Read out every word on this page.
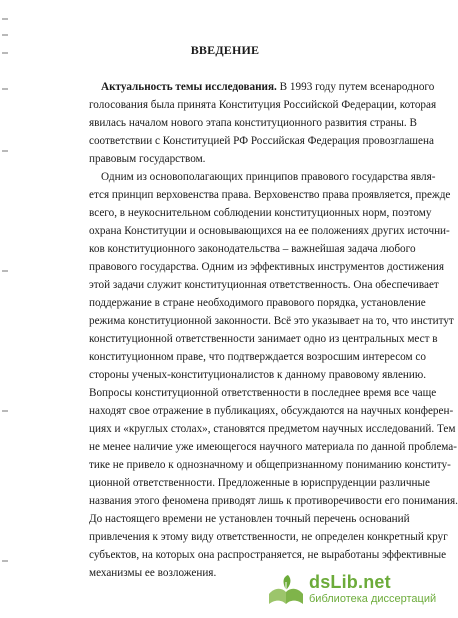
ВВЕДЕНИЕ
Актуальность темы исследования. В 1993 году путем всенародного
голосования была принята Конституция Российской Федерации, которая
явилась началом нового этапа конституционного развития страны. В
соответствии с Конституцией РФ Российская Федерация провозглашена
правовым государством.
Одним из основополагающих принципов правового государства явля-
ется принцип верховенства права. Верховенство права проявляется, прежде
всего, в неукоснительном соблюдении конституционных норм, поэтому
охрана Конституции и основывающихся на ее положениях других источни-
ков конституционного законодательства – важнейшая задача любого
правового государства. Одним из эффективных инструментов достижения
этой задачи служит конституционная ответственность. Она обеспечивает
поддержание в стране необходимого правового порядка, установление
режима конституционной законности. Всё это указывает на то, что институт
конституционной ответственности занимает одно из центральных мест в
конституционном праве, что подтверждается возросшим интересом со
стороны ученых-конституционалистов к данному правовому явлению.
Вопросы конституционной ответственности в последнее время все чаще
находят свое отражение в публикациях, обсуждаются на научных конферен-
циях и «круглых столах», становятся предметом научных исследований. Тем
не менее наличие уже имеющегося научного материала по данной проблема-
тике не привело к однозначному и общепризнанному пониманию конститу-
ционной ответственности. Предложенные в юриспруденции различные
названия этого феномена приводят лишь к противоречивости его понимания.
До настоящего времени не установлен точный перечень оснований
привлечения к этому виду ответственности, не определен конкретный круг
субъектов, на которых она распространяется, не выработаны эффективные
механизмы ее возложения.	dsLib.net
библиотека диссертаций
